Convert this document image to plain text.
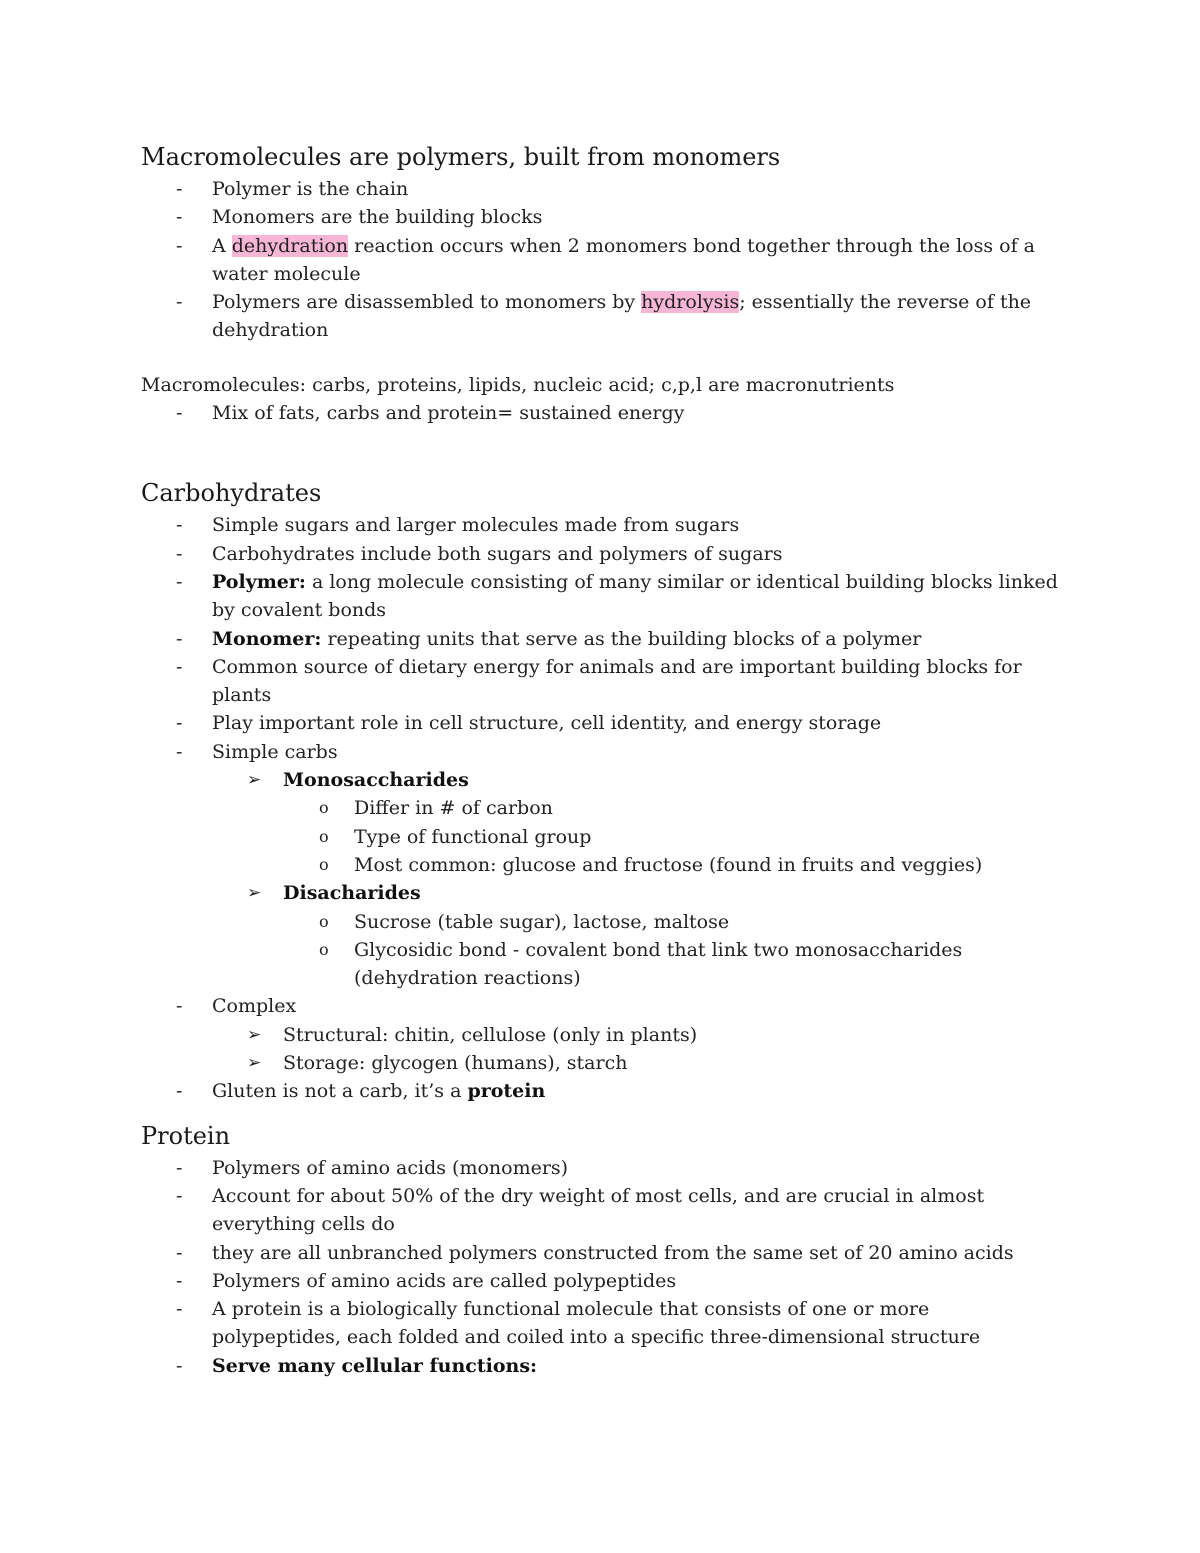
Macromolecules are polymers, built from monomers
- Polymer is the chain
- Monomers are the building blocks
- A dehydration reaction occurs when 2 monomers bond together through the loss of a water molecule
- Polymers are disassembled to monomers by hydrolysis; essentially the reverse of the dehydration

Macromolecules: carbs, proteins, lipids, nucleic acid; c,p,l are macronutrients

- Mix of fats, carbs and protein= sustained energy
Carbohydrates
- Simple sugars and larger molecules made from sugars
- Carbohydrates include both sugars and polymers of sugars
- Polymer: a long molecule consisting of many similar or identical building blocks linked by covalent bonds
- Monomer: repeating units that serve as the building blocks of a polymer
- Common source of dietary energy for animals and are important building blocks for plants
- Play important role in cell structure, cell identity, and energy storage
- Simple carbs
➢ Monosaccharides
o Differ in # of carbon
o Type of functional group
o Most common: glucose and fructose (found in fruits and veggies)
➢ Disacharides
o Sucrose (table sugar), lactose, maltose
o Glycosidic bond - covalent bond that link two monosaccharides (dehydration reactions)
- Complex
➢ Structural: chitin, cellulose (only in plants)
➢ Storage: glycogen (humans), starch
- Gluten is not a carb, it’s a protein
Protein
- Polymers of amino acids (monomers)
- Account for about 50% of the dry weight of most cells, and are crucial in almost everything cells do
- they are all unbranched polymers constructed from the same set of 20 amino acids
- Polymers of amino acids are called polypeptides
- A protein is a biologically functional molecule that consists of one or more polypeptides, each folded and coiled into a specific three-dimensional structure
- Serve many cellular functions:
